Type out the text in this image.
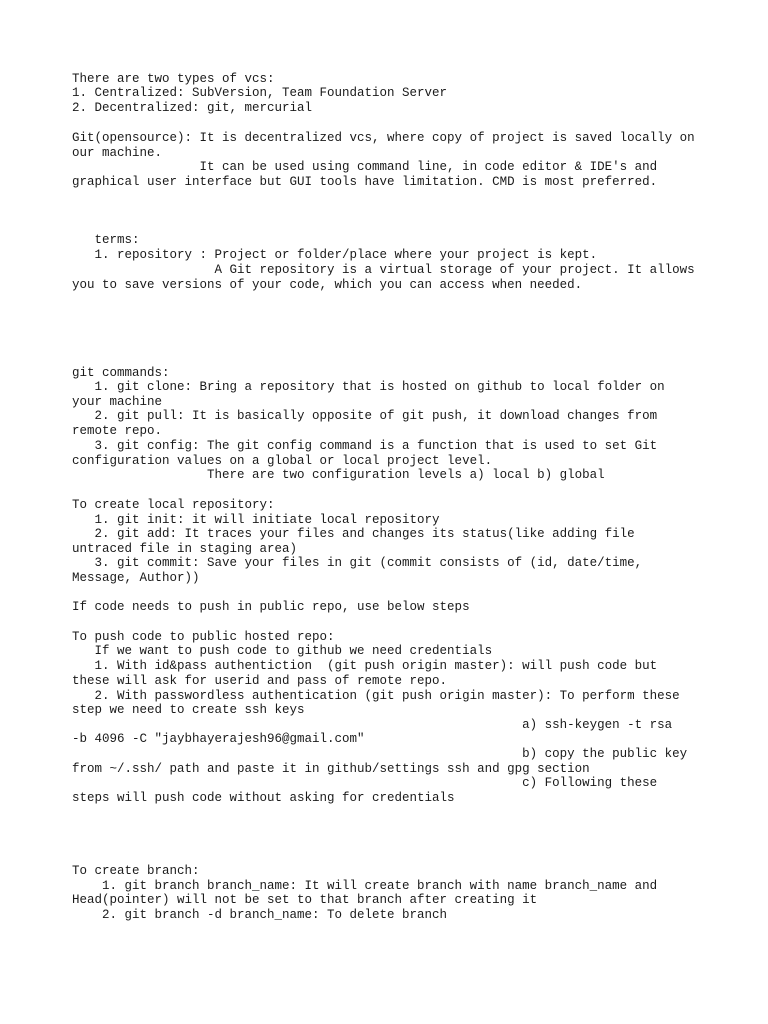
There are two types of vcs:

1. Centralized: SubVersion, Team Foundation Server

2. Decentralized: git, mercurial

Git(opensource): It is decentralized vcs, where copy of project is saved locally on

our machine.

It can be used using command line, in code editor & IDE's and

graphical user interface but GUI tools have limitation. CMD is most preferred.

terms:

1. repository : Project or folder/place where your project is kept.

A Git repository is a virtual storage of your project. It allows

you to save versions of your code, which you can access when needed.

git commands:

1. git clone: Bring a repository that is hosted on github to local folder on

your machine

2. git pull: It is basically opposite of git push, it download changes from

remote repo.

3. git config: The git config command is a function that is used to set Git

configuration values on a global or local project level.

There are two configuration levels a) local b) global

To create local repository:

1. git init: it will initiate local repository

2. git add: It traces your files and changes its status(like adding file

untraced file in staging area)

3. git commit: Save your files in git (commit consists of (id, date/time,

Message, Author))

If code needs to push in public repo, use below steps

To push code to public hosted repo:

If we want to push code to github we need credentials

1. With id&pass authentiction  (git push origin master): will push code but

these will ask for userid and pass of remote repo.

2. With passwordless authentication (git push origin master): To perform these

step we need to create ssh keys

a) ssh-keygen -t rsa

-b 4096 -C "jaybhayerajesh96@gmail.com"

b) copy the public key

from ~/.ssh/ path and paste it in github/settings ssh and gpg section

c) Following these

steps will push code without asking for credentials

To create branch:

1. git branch branch_name: It will create branch with name branch_name and

Head(pointer) will not be set to that branch after creating it

2. git branch -d branch_name: To delete branch
